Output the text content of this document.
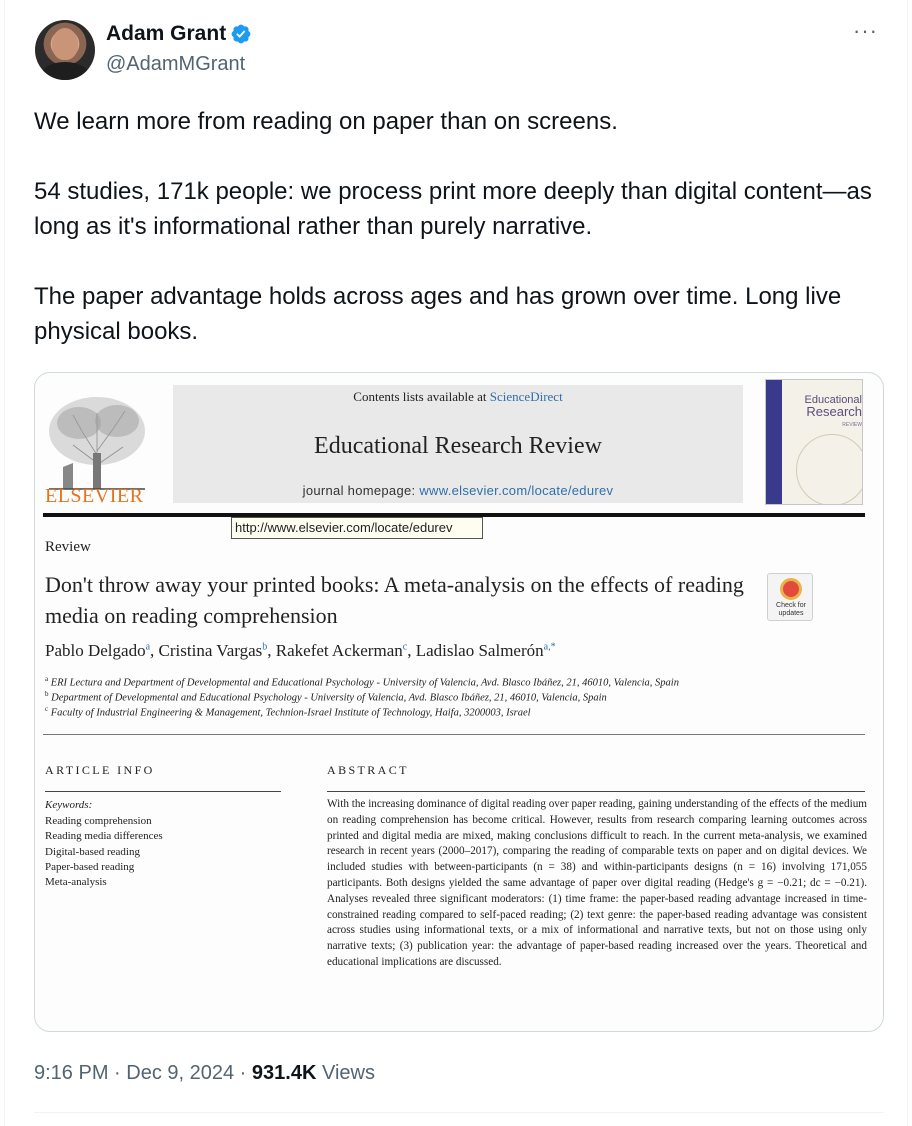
Adam Grant
@AdamMGrant
···

We learn more from reading on paper than on screens.

54 studies, 171k people: we process print more deeply than digital content—as long as it's informational rather than purely narrative.

The paper advantage holds across ages and has grown over time. Long live physical books.

ELSEVIER
Contents lists available at ScienceDirect
Educational Research Review
journal homepage: www.elsevier.com/locate/edurev
Educational
Research
REVIEW
http://www.elsevier.com/locate/edurev
Review
Don't throw away your printed books: A meta-analysis on the effects of reading media on reading comprehension	Check for updates
Pablo Delgado$^a$, Cristina Vargas$^b$, Rakefet Ackerman$^c$, Ladislao Salmerón$^{a,*}$
$^a$ ERI Lectura and Department of Developmental and Educational Psychology - University of Valencia, Avd. Blasco Ibáñez, 21, 46010, Valencia, Spain
$^b$ Department of Developmental and Educational Psychology - University of Valencia, Avd. Blasco Ibáñez, 21, 46010, Valencia, Spain
$^c$ Faculty of Industrial Engineering & Management, Technion-Israel Institute of Technology, Haifa, 3200003, Israel
ARTICLE INFO
Keywords:
Reading comprehension
Reading media differences
Digital-based reading
Paper-based reading
Meta-analysis
ABSTRACT
With the increasing dominance of digital reading over paper reading, gaining understanding of the effects of the medium on reading comprehension has become critical. However, results from research comparing learning outcomes across printed and digital media are mixed, making conclusions difficult to reach. In the current meta-analysis, we examined research in recent years (2000–2017), comparing the reading of comparable texts on paper and on digital devices. We included studies with between-participants (n = 38) and within-participants designs (n = 16) involving 171,055 participants. Both designs yielded the same advantage of paper over digital reading (Hedge's g = −0.21; dc = −0.21). Analyses revealed three significant moderators: (1) time frame: the paper-based reading advantage increased in time-constrained reading compared to self-paced reading; (2) text genre: the paper-based reading advantage was consistent across studies using informational texts, or a mix of informational and narrative texts, but not on those using only narrative texts; (3) publication year: the advantage of paper-based reading increased over the years. Theoretical and educational implications are discussed.
9:16 PM · Dec 9, 2024 · 931.4K Views
